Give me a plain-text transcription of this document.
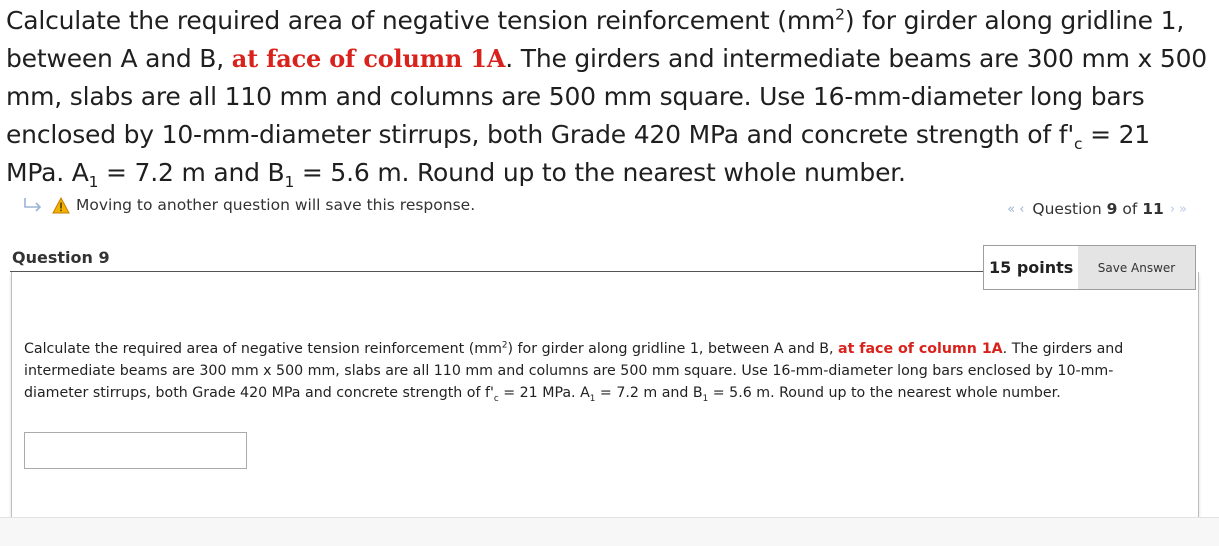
Calculate the required area of negative tension reinforcement $(mm^2)$ for girder along gridline 1, between A and B, at face of column 1A. The girders and intermediate beams are 300 mm x 500 mm, slabs are all 110 mm and columns are 500 mm square. Use 16-mm-diameter long bars enclosed by 10-mm-diameter stirrups, both Grade 420 MPa and concrete strength of $f'_c = 21$ MPa. $A_1 = 7.2$ m and $B_1 = 5.6$ m. Round up to the nearest whole number.
Moving to another question will save this response.	« ‹ Question 9 of 11 › »
Question 9
15 points	Save Answer
Calculate the required area of negative tension reinforcement $(mm^2)$ for girder along gridline 1, between A and B, at face of column 1A. The girders and intermediate beams are 300 mm x 500 mm, slabs are all 110 mm and columns are 500 mm square. Use 16-mm-diameter long bars enclosed by 10-mm-diameter stirrups, both Grade 420 MPa and concrete strength of $f'_c = 21$ MPa. $A_1 = 7.2$ m and $B_1 = 5.6$ m. Round up to the nearest whole number.
